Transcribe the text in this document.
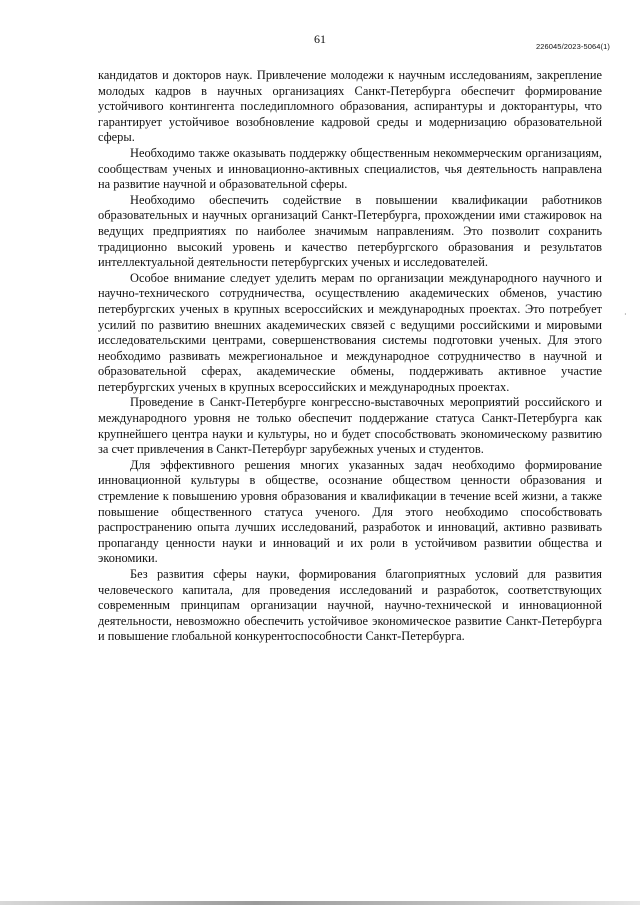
61
226045/2023-5064(1)

кандидатов и докторов наук. Привлечение молодежи к научным исследованиям, закрепление молодых кадров в научных организациях Санкт-Петербурга обеспечит формирование устойчивого контингента последипломного образования, аспирантуры и докторантуры, что гарантирует устойчивое возобновление кадровой среды и модернизацию образовательной сферы.

Необходимо также оказывать поддержку общественным некоммерческим организациям, сообществам ученых и инновационно-активных специалистов, чья деятельность направлена на развитие научной и образовательной сферы.

Необходимо обеспечить содействие в повышении квалификации работников образовательных и научных организаций Санкт-Петербурга, прохождении ими стажировок на ведущих предприятиях по наиболее значимым направлениям. Это позволит сохранить традиционно высокий уровень и качество петербургского образования и результатов интеллектуальной деятельности петербургских ученых и исследователей.

Особое внимание следует уделить мерам по организации международного научного и научно-технического сотрудничества, осуществлению академических обменов, участию петербургских ученых в крупных всероссийских и международных проектах. Это потребует усилий по развитию внешних академических связей с ведущими российскими и мировыми исследовательскими центрами, совершенствования системы подготовки ученых. Для этого необходимо развивать межрегиональное и международное сотрудничество в научной и образовательной сферах, академические обмены, поддерживать активное участие петербургских ученых в крупных всероссийских и международных проектах.

Проведение в Санкт-Петербурге конгрессно-выставочных мероприятий российского и международного уровня не только обеспечит поддержание статуса Санкт-Петербурга как крупнейшего центра науки и культуры, но и будет способствовать экономическому развитию за счет привлечения в Санкт-Петербург зарубежных ученых и студентов.

Для эффективного решения многих указанных задач необходимо формирование инновационной культуры в обществе, осознание обществом ценности образования и стремление к повышению уровня образования и квалификации в течение всей жизни, а также повышение общественного статуса ученого. Для этого необходимо способствовать распространению опыта лучших исследований, разработок и инноваций, активно развивать пропаганду ценности науки и инноваций и их роли в устойчивом развитии общества и экономики.

Без развития сферы науки, формирования благоприятных условий для развития человеческого капитала, для проведения исследований и разработок, соответствующих современным принципам организации научной, научно-технической и инновационной деятельности, невозможно обеспечить устойчивое экономическое развитие Санкт-Петербурга и повышение глобальной конкурентоспособности Санкт-Петербурга.

·
